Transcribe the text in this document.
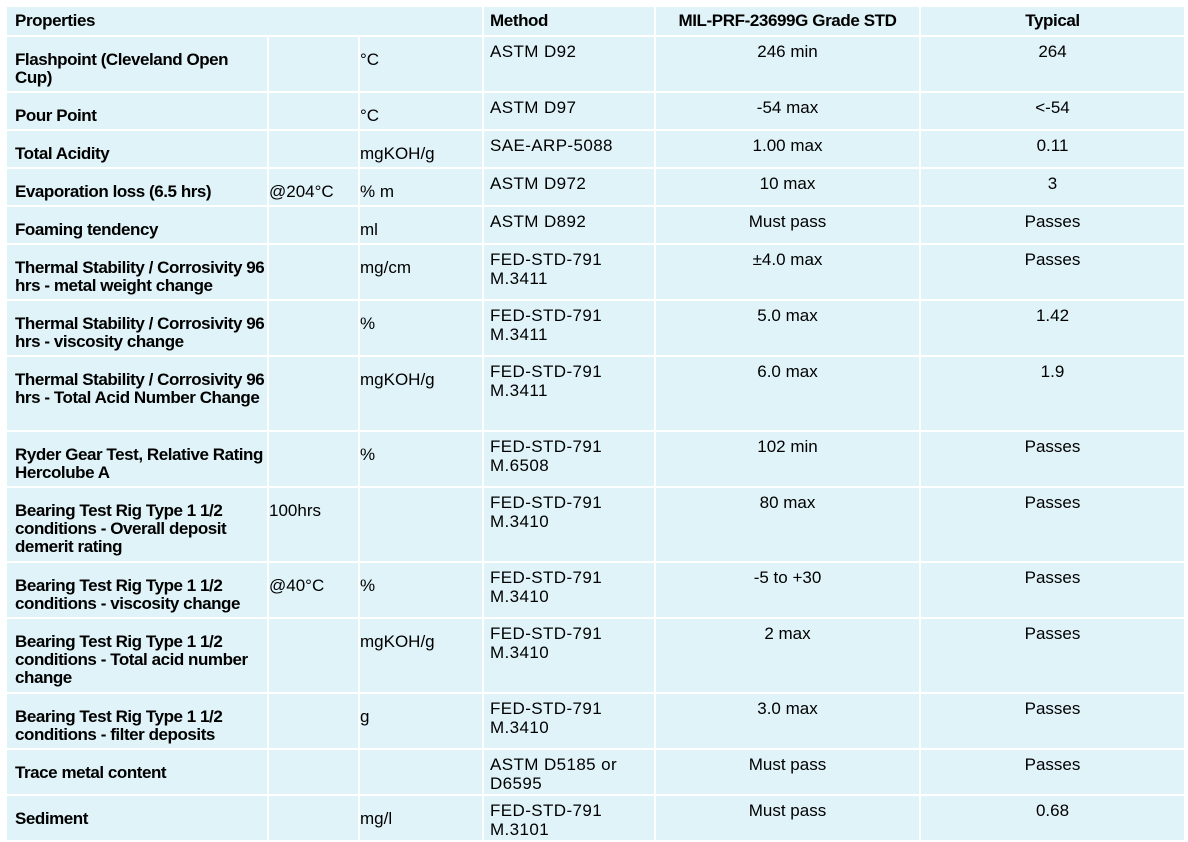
Properties			Method	MIL-PRF-23699G Grade STD	Typical
Flashpoint (Cleveland Open Cup)		°C	ASTM D92	246 min	264
Pour Point		°C	ASTM D97	-54 max	<-54
Total Acidity		mgKOH/g	SAE-ARP-5088	1.00 max	0.11
Evaporation loss (6.5 hrs)	@204°C	% m	ASTM D972	10 max	3
Foaming tendency		ml	ASTM D892	Must pass	Passes
Thermal Stability / Corrosivity 96 hrs - metal weight change		mg/cm	FED-STD-791 M.3411	±4.0 max	Passes
Thermal Stability / Corrosivity 96 hrs - viscosity change		%	FED-STD-791 M.3411	5.0 max	1.42
Thermal Stability / Corrosivity 96 hrs - Total Acid Number Change		mgKOH/g	FED-STD-791 M.3411	6.0 max	1.9
Ryder Gear Test, Relative Rating Hercolube A		%	FED-STD-791 M.6508	102 min	Passes
Bearing Test Rig Type 1 1/2 conditions - Overall deposit demerit rating	100hrs		FED-STD-791 M.3410	80 max	Passes
Bearing Test Rig Type 1 1/2 conditions - viscosity change	@40°C	%	FED-STD-791 M.3410	-5 to +30	Passes
Bearing Test Rig Type 1 1/2 conditions - Total acid number change		mgKOH/g	FED-STD-791 M.3410	2 max	Passes
Bearing Test Rig Type 1 1/2 conditions - filter deposits		g	FED-STD-791 M.3410	3.0 max	Passes
Trace metal content			ASTM D5185 or D6595	Must pass	Passes
Sediment		mg/l	FED-STD-791 M.3101	Must pass	0.68
